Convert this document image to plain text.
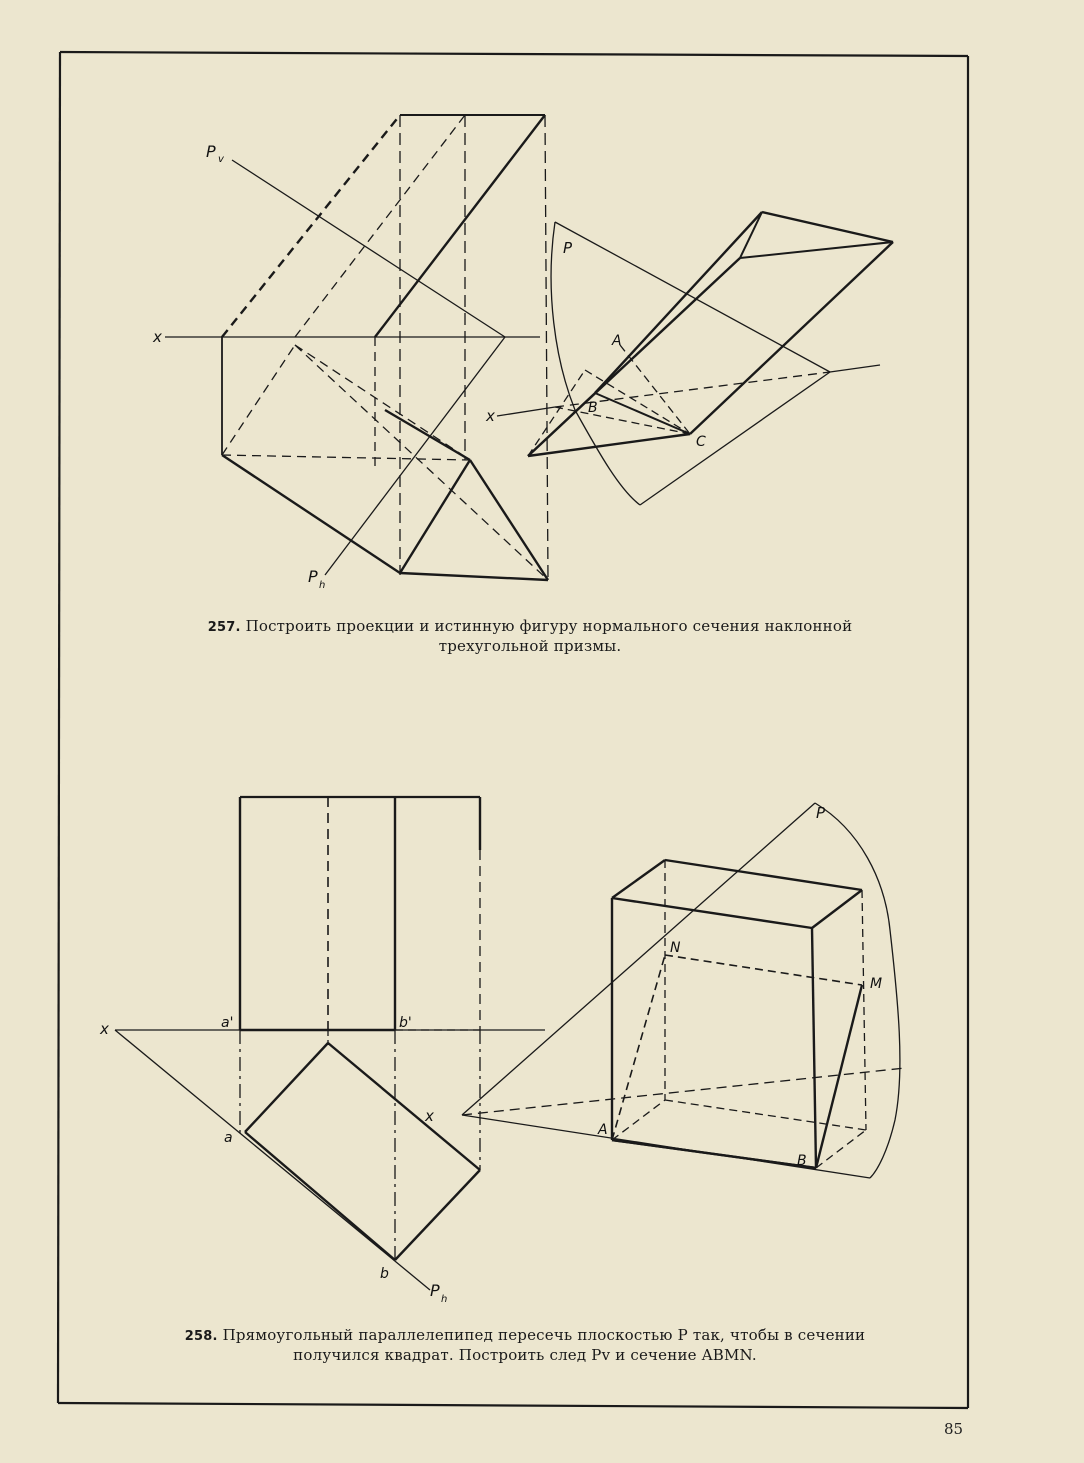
P v
P h
x
x
P
A
B
C
x	a'	b'
a
b
P h
P
N
M
x
A
B
257. Построить проекции и истинную фигуру нормального сечения наклонной
трехугольной призмы.
258. Прямоугольный параллелепипед пересечь плоскостью P так, чтобы в сечении
получился квадрат. Построить след Pv и сечение ABMN.
85
